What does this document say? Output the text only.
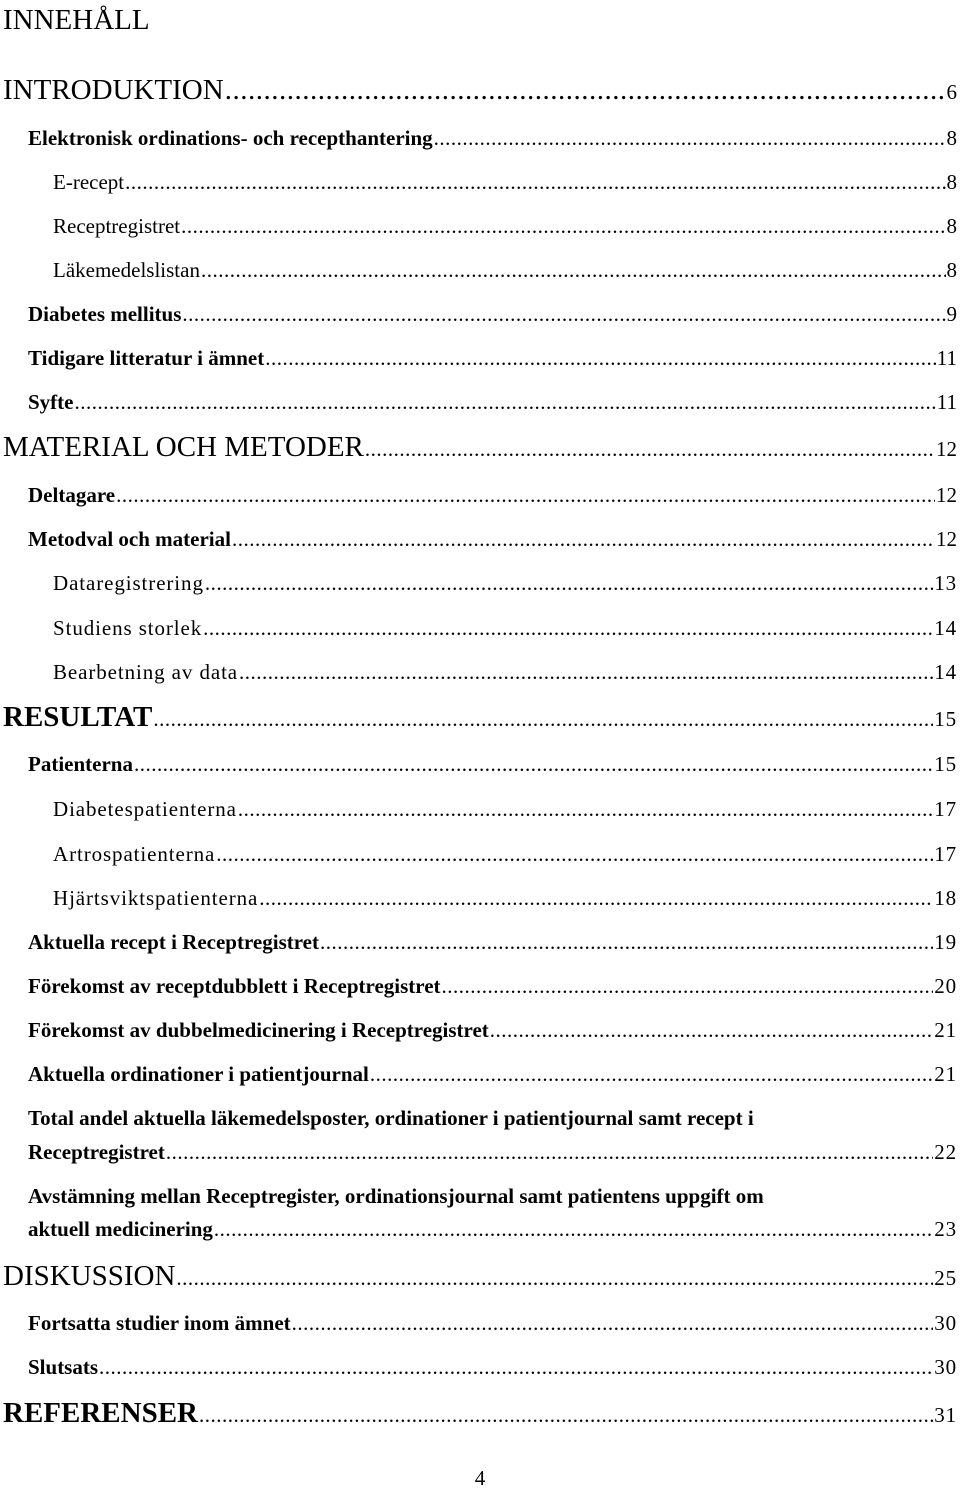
INNEHÅLL
INTRODUKTION .....	6
Elektronisk ordinations- och recepthantering .....	8
E-recept .....	8
Receptregistret .....	8
Läkemedelslistan .....	8
Diabetes mellitus .....	9
Tidigare litteratur i ämnet .....	11
Syfte .....	11
MATERIAL OCH METODER .....	12
Deltagare .....	12
Metodval och material .....	12
Dataregistrering .....	13
Studiens storlek .....	14
Bearbetning av data .....	14
RESULTAT .....	15
Patienterna .....	15
Diabetespatienterna .....	17
Artrospatienterna .....	17
Hjärtsviktspatienterna .....	18
Aktuella recept i Receptregistret .....	19
Förekomst av receptdubblett i Receptregistret .....	20
Förekomst av dubbelmedicinering i Receptregistret .....	21
Aktuella ordinationer i patientjournal .....	21
Total andel aktuella läkemedelsposter, ordinationer i patientjournal samt recept i
Receptregistret .....	22
Avstämning mellan Receptregister, ordinationsjournal samt patientens uppgift om
aktuell medicinering .....	23
DISKUSSION .....	25
Fortsatta studier inom ämnet .....	30
Slutsats .....	30
REFERENSER .....	31
4
